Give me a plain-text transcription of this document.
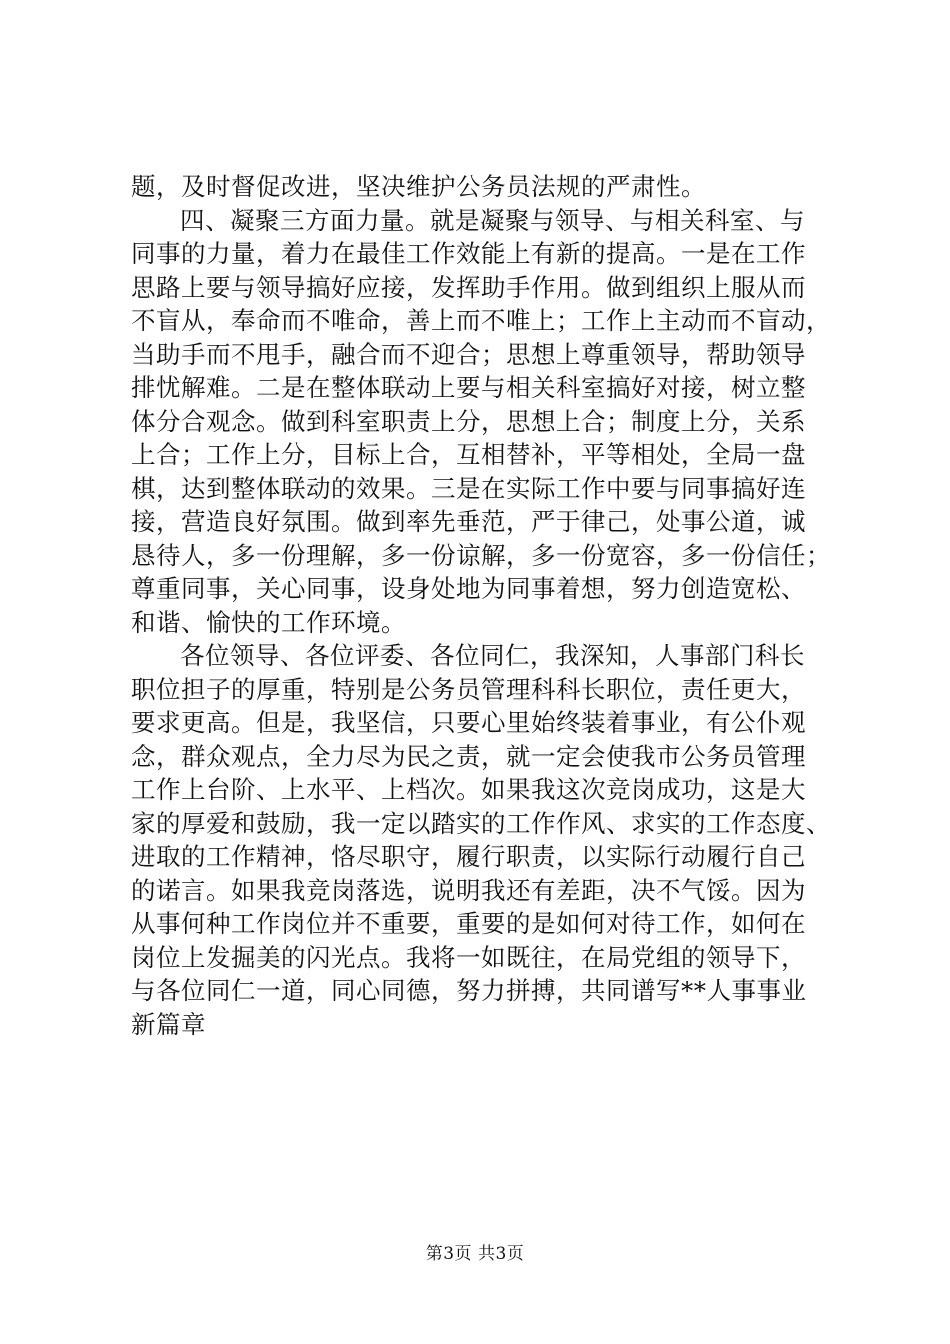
题，及时督促改进，坚决维护公务员法规的严肃性。
四、凝聚三方面力量。就是凝聚与领导、与相关科室、与
同事的力量，着力在最佳工作效能上有新的提高。一是在工作
思路上要与领导搞好应接，发挥助手作用。做到组织上服从而
不盲从，奉命而不唯命，善上而不唯上；工作上主动而不盲动，
当助手而不甩手，融合而不迎合；思想上尊重领导，帮助领导
排忧解难。二是在整体联动上要与相关科室搞好对接，树立整
体分合观念。做到科室职责上分，思想上合；制度上分，关系
上合；工作上分，目标上合，互相替补，平等相处，全局一盘
棋，达到整体联动的效果。三是在实际工作中要与同事搞好连
接，营造良好氛围。做到率先垂范，严于律己，处事公道，诚
恳待人，多一份理解，多一份谅解，多一份宽容，多一份信任；
尊重同事，关心同事，设身处地为同事着想，努力创造宽松、
和谐、愉快的工作环境。
各位领导、各位评委、各位同仁，我深知，人事部门科长
职位担子的厚重，特别是公务员管理科科长职位，责任更大，
要求更高。但是，我坚信，只要心里始终装着事业，有公仆观
念，群众观点，全力尽为民之责，就一定会使我市公务员管理
工作上台阶、上水平、上档次。如果我这次竞岗成功，这是大
家的厚爱和鼓励，我一定以踏实的工作作风、求实的工作态度、
进取的工作精神，恪尽职守，履行职责，以实际行动履行自己
的诺言。如果我竞岗落选，说明我还有差距，决不气馁。因为
从事何种工作岗位并不重要，重要的是如何对待工作，如何在
岗位上发掘美的闪光点。我将一如既往，在局党组的领导下，
与各位同仁一道，同心同德，努力拼搏，共同谱写**人事事业
新篇章
第3页 共3页
